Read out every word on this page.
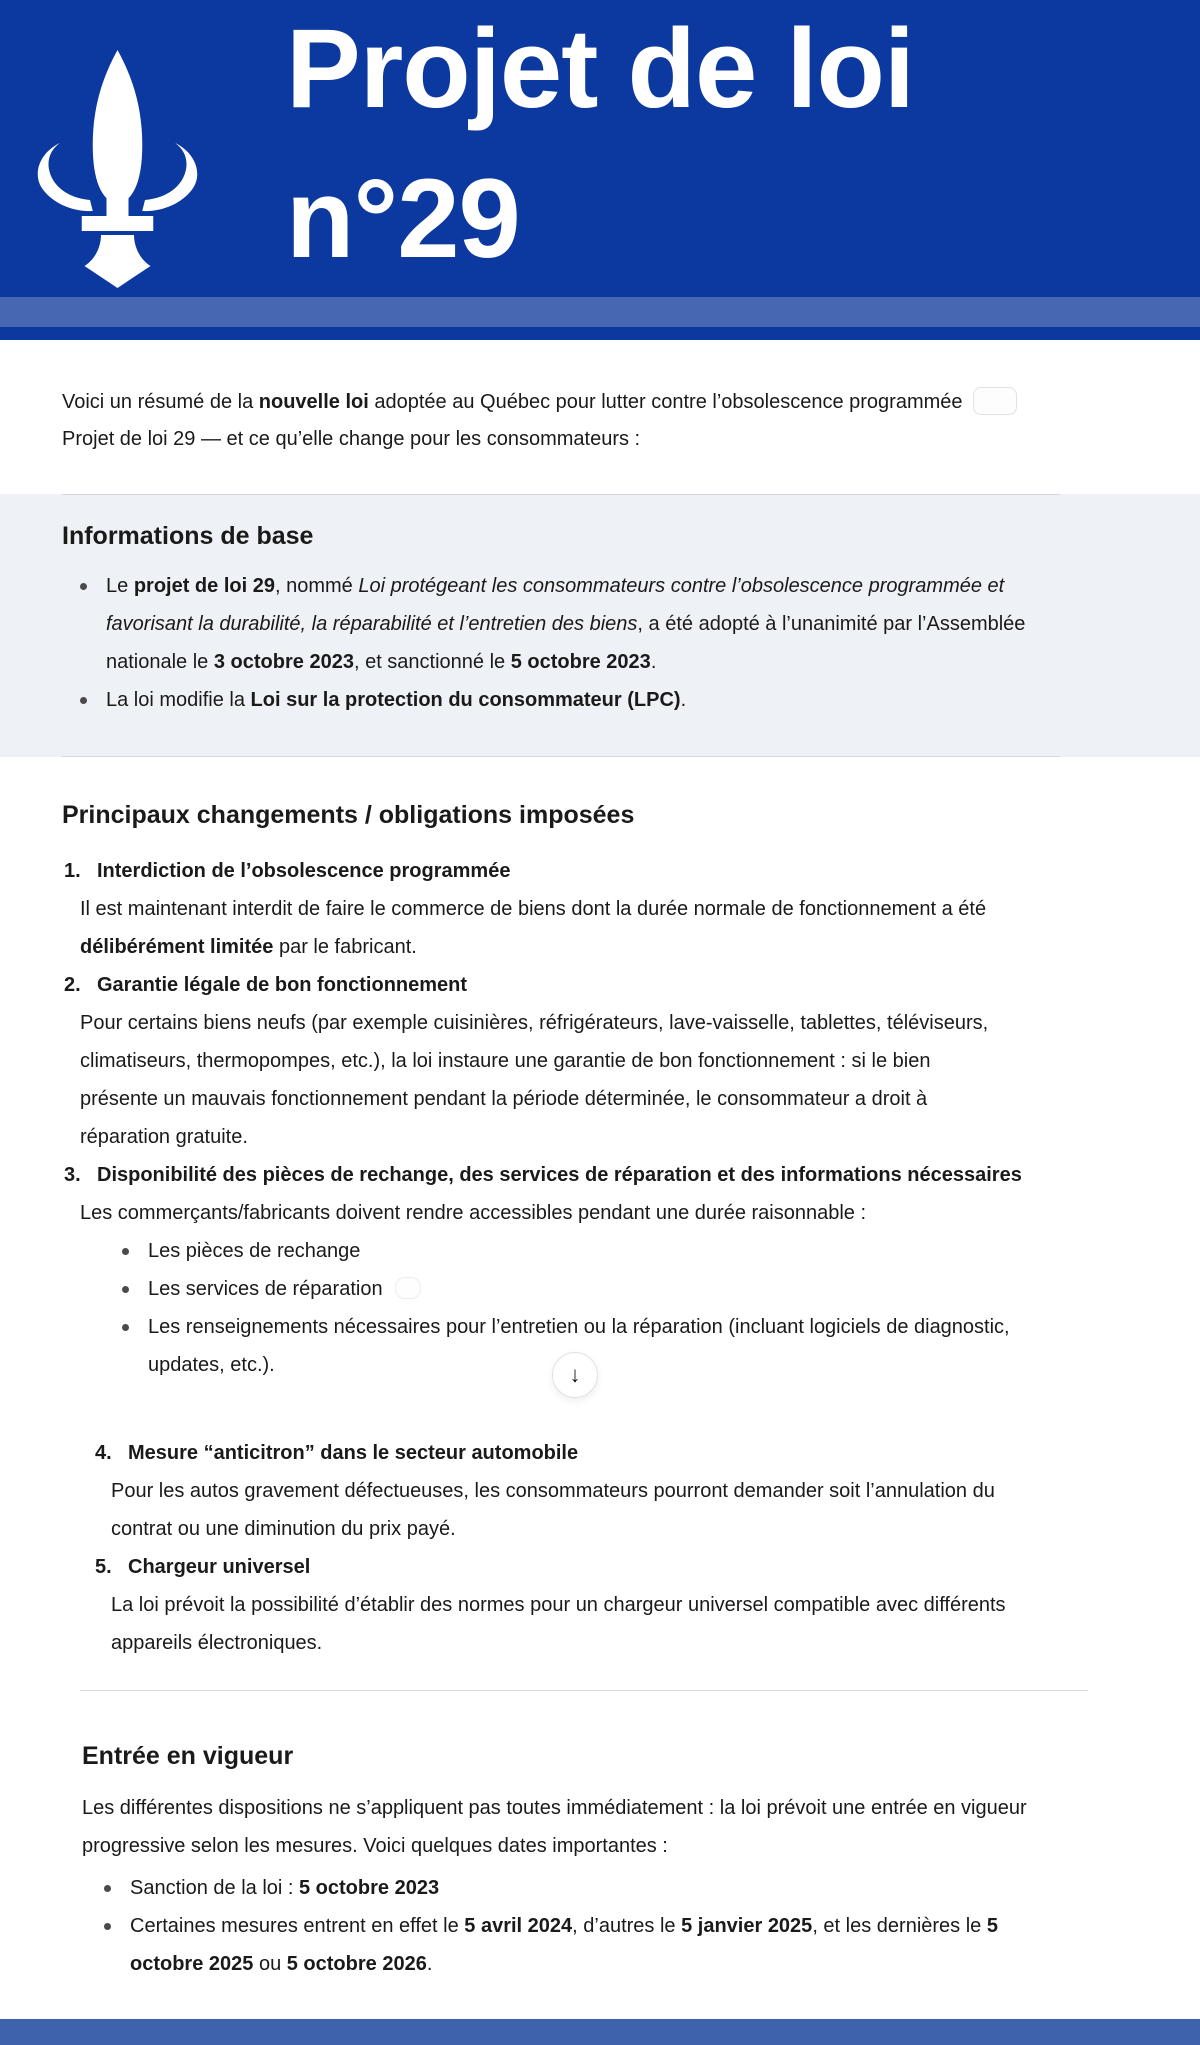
Projet de loi
n°29

Voici un résumé de la nouvelle loi adoptée au Québec pour lutter contre l’obsolescence programmée
Projet de loi 29 — et ce qu’elle change pour les consommateurs :

Informations de base
Le projet de loi 29, nommé Loi protégeant les consommateurs contre l’obsolescence programmée et
favorisant la durabilité, la réparabilité et l’entretien des biens, a été adopté à l’unanimité par l’Assemblée
nationale le 3 octobre 2023, et sanctionné le 5 octobre 2023.
La loi modifie la Loi sur la protection du consommateur (LPC).
Principaux changements / obligations imposées
1. Interdiction de l’obsolescence programmée
Il est maintenant interdit de faire le commerce de biens dont la durée normale de fonctionnement a été
délibérément limitée par le fabricant.
2. Garantie légale de bon fonctionnement
Pour certains biens neufs (par exemple cuisinières, réfrigérateurs, lave-vaisselle, tablettes, téléviseurs,
climatiseurs, thermopompes, etc.), la loi instaure une garantie de bon fonctionnement : si le bien
présente un mauvais fonctionnement pendant la période déterminée, le consommateur a droit à
réparation gratuite.
3. Disponibilité des pièces de rechange, des services de réparation et des informations nécessaires
Les commerçants/fabricants doivent rendre accessibles pendant une durée raisonnable :
Les pièces de rechange
Les services de réparation
Les renseignements nécessaires pour l’entretien ou la réparation (incluant logiciels de diagnostic,
updates, etc.).
4. Mesure “anticitron” dans le secteur automobile
Pour les autos gravement défectueuses, les consommateurs pourront demander soit l’annulation du
contrat ou une diminution du prix payé.
5. Chargeur universel
La loi prévoit la possibilité d’établir des normes pour un chargeur universel compatible avec différents
appareils électroniques.
Entrée en vigueur
Les différentes dispositions ne s’appliquent pas toutes immédiatement : la loi prévoit une entrée en vigueur
progressive selon les mesures. Voici quelques dates importantes :
Sanction de la loi : 5 octobre 2023
Certaines mesures entrent en effet le 5 avril 2024, d’autres le 5 janvier 2025, et les dernières le 5
octobre 2025 ou 5 octobre 2026.
↓
